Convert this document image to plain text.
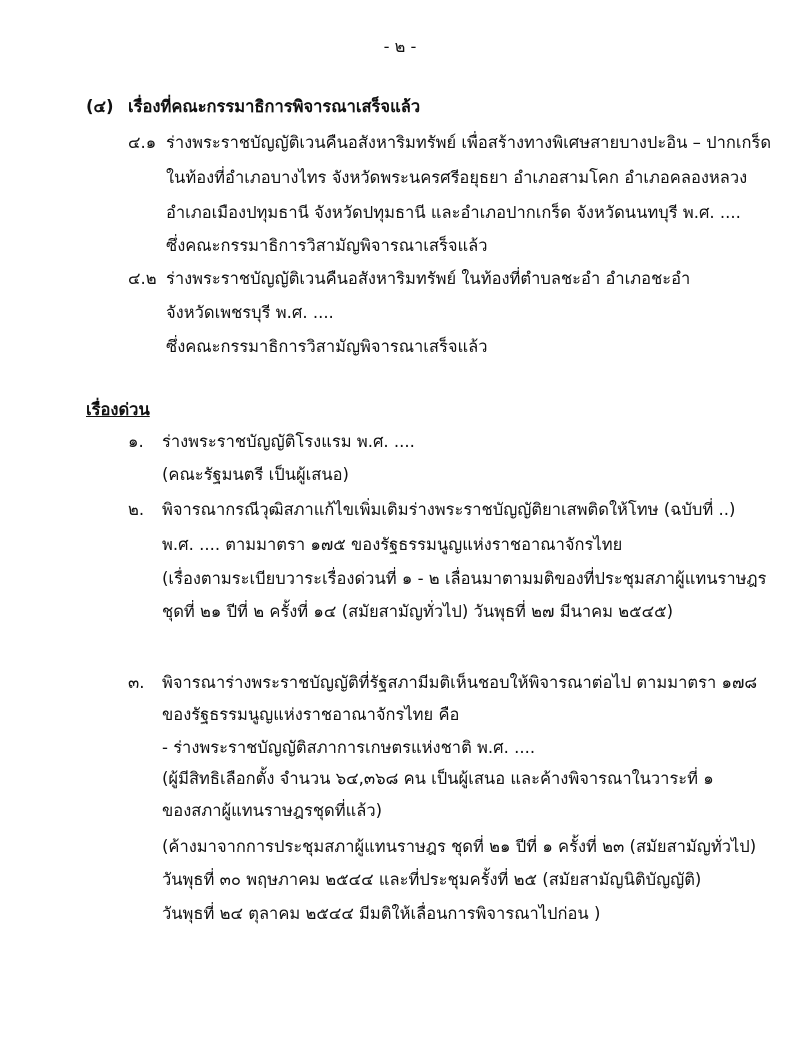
- ๒ -
(๔) เรื่องที่คณะกรรมาธิการพิจารณาเสร็จแล้ว
๔.๑ ร่างพระราชบัญญัติเวนคืนอสังหาริมทรัพย์ เพื่อสร้างทางพิเศษสายบางปะอิน – ปากเกร็ด
ในท้องที่อำเภอบางไทร จังหวัดพระนครศรีอยุธยา อำเภอสามโคก อำเภอคลองหลวง
อำเภอเมืองปทุมธานี จังหวัดปทุมธานี และอำเภอปากเกร็ด จังหวัดนนทบุรี พ.ศ. ....
ซึ่งคณะกรรมาธิการวิสามัญพิจารณาเสร็จแล้ว
๔.๒ ร่างพระราชบัญญัติเวนคืนอสังหาริมทรัพย์ ในท้องที่ตำบลชะอำ อำเภอชะอำ
จังหวัดเพชรบุรี พ.ศ. ....
ซึ่งคณะกรรมาธิการวิสามัญพิจารณาเสร็จแล้ว
เรื่องด่วน
๑. ร่างพระราชบัญญัติโรงแรม พ.ศ. ....
(คณะรัฐมนตรี เป็นผู้เสนอ)
๒. พิจารณากรณีวุฒิสภาแก้ไขเพิ่มเติมร่างพระราชบัญญัติยาเสพติดให้โทษ (ฉบับที่ ..)
พ.ศ. .... ตามมาตรา ๑๗๕ ของรัฐธรรมนูญแห่งราชอาณาจักรไทย
(เรื่องตามระเบียบวาระเรื่องด่วนที่ ๑ - ๒ เลื่อนมาตามมติของที่ประชุมสภาผู้แทนราษฎร
ชุดที่ ๒๑ ปีที่ ๒ ครั้งที่ ๑๔ (สมัยสามัญทั่วไป) วันพุธที่ ๒๗ มีนาคม ๒๕๔๕)
๓. พิจารณาร่างพระราชบัญญัติที่รัฐสภามีมติเห็นชอบให้พิจารณาต่อไป ตามมาตรา ๑๗๘
ของรัฐธรรมนูญแห่งราชอาณาจักรไทย คือ
- ร่างพระราชบัญญัติสภาการเกษตรแห่งชาติ พ.ศ. ....
(ผู้มีสิทธิเลือกตั้ง จำนวน ๖๔,๓๖๘ คน เป็นผู้เสนอ และค้างพิจารณาในวาระที่ ๑
ของสภาผู้แทนราษฎรชุดที่แล้ว)
(ค้างมาจากการประชุมสภาผู้แทนราษฎร ชุดที่ ๒๑ ปีที่ ๑ ครั้งที่ ๒๓ (สมัยสามัญทั่วไป)
วันพุธที่ ๓๐ พฤษภาคม ๒๕๔๔ และที่ประชุมครั้งที่ ๒๕ (สมัยสามัญนิติบัญญัติ)
วันพุธที่ ๒๔ ตุลาคม ๒๕๔๔ มีมติให้เลื่อนการพิจารณาไปก่อน )
